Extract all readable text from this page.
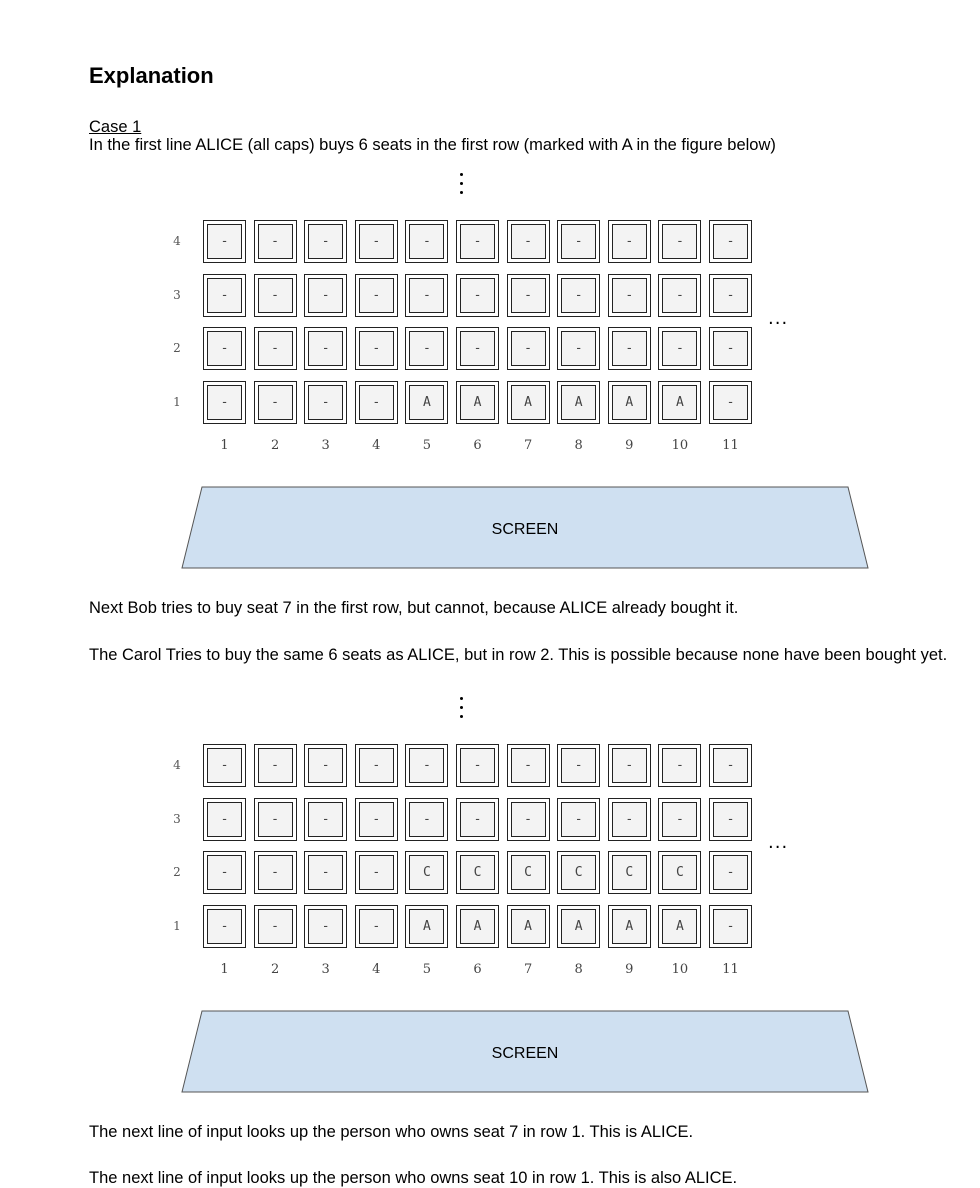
Explanation

Case 1

In the first line ALICE (all caps) buys 6 seats in the first row (marked with A in the figure below)

4	-	-	-	-	-	-	-	-	-	-	-
3	-	-	-	-	-	-	-	-	-	-	-
2	-	-	-	-	-	-	-	-	-	-	-
1	-	-	-	-	A	A	A	A	A	A	-
1	2	3	4	5	6	7	8	9	10	11
...
SCREEN

Next Bob tries to buy seat 7 in the first row, but cannot, because ALICE already bought it.

The Carol Tries to buy the same 6 seats as ALICE, but in row 2. This is possible because none have been bought yet.

4	-	-	-	-	-	-	-	-	-	-	-
3	-	-	-	-	-	-	-	-	-	-	-
2	-	-	-	-	C	C	C	C	C	C	-
1	-	-	-	-	A	A	A	A	A	A	-
1	2	3	4	5	6	7	8	9	10	11
...
SCREEN

The next line of input looks up the person who owns seat 7 in row 1. This is ALICE.

The next line of input looks up the person who owns seat 10 in row 1. This is also ALICE.
